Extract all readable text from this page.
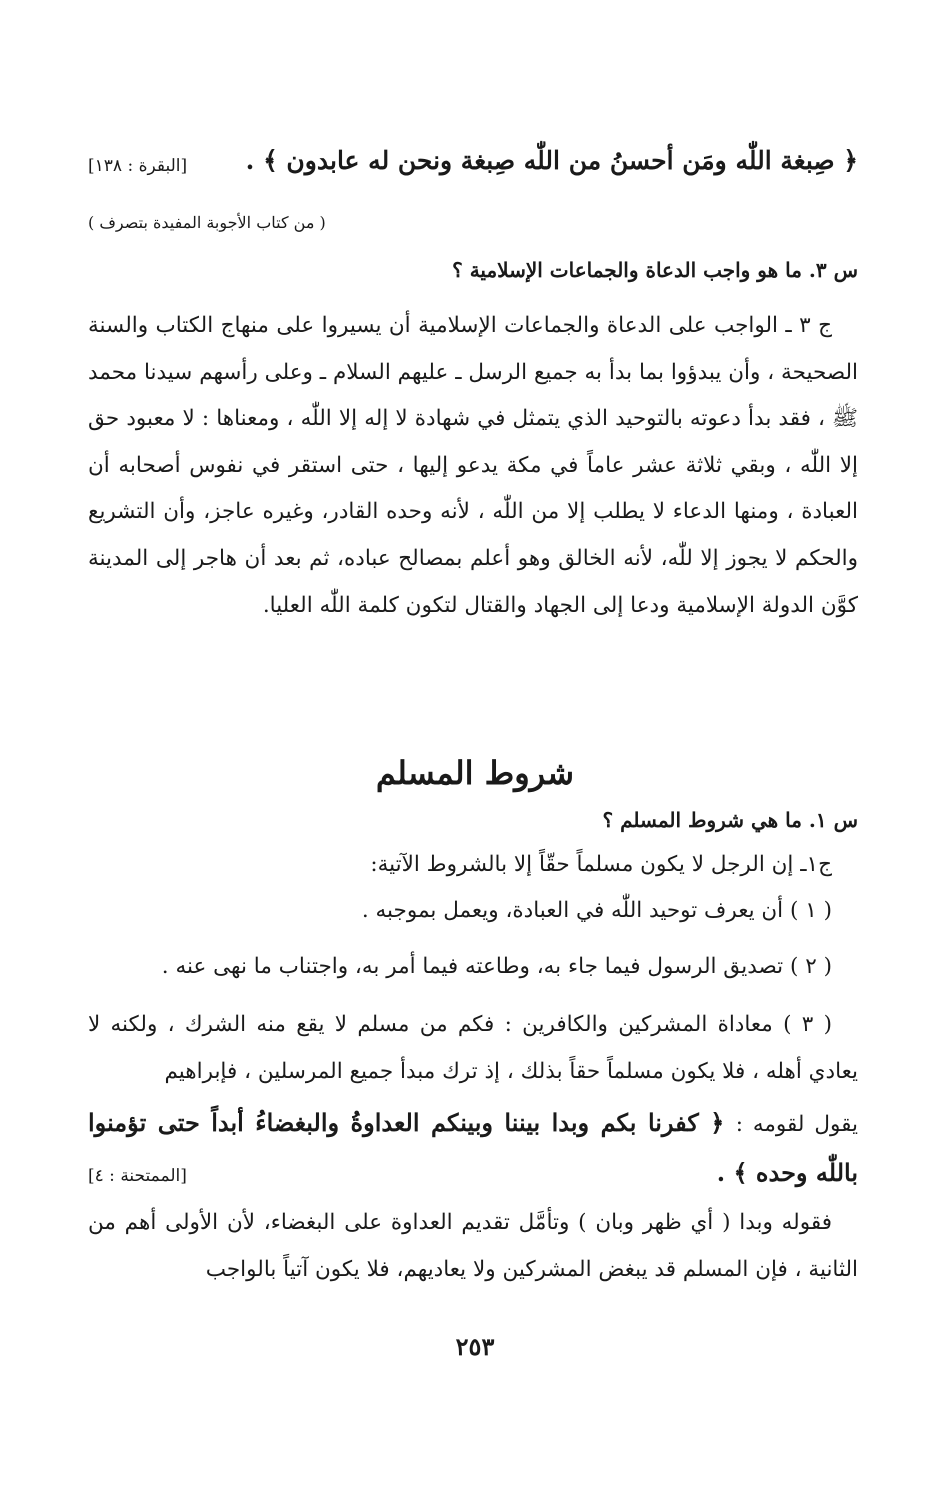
﴿ صِبغة اللّٰه ومَن أحسنُ من اللّٰه صِبغة ونحن له عابدون ﴾ .
[البقرة : ١٣٨]
( من كتاب الأجوبة المفيدة بتصرف )
س ٣. ما هو واجب الدعاة والجماعات الإسلامية ؟
ج ٣ ـ الواجب على الدعاة والجماعات الإسلامية أن يسيروا على منهاج الكتاب والسنة الصحيحة ، وأن يبدؤوا بما بدأ به جميع الرسل ـ عليهم السلام ـ وعلى رأسهم سيدنا محمد ﷺ ، فقد بدأ دعوته بالتوحيد الذي يتمثل في شهادة لا إله إلا اللّٰه ، ومعناها : لا معبود حق إلا اللّٰه ، وبقي ثلاثة عشر عاماً في مكة يدعو إليها ، حتى استقر في نفوس أصحابه أن العبادة ، ومنها الدعاء لا يطلب إلا من اللّٰه ، لأنه وحده القادر، وغيره عاجز، وأن التشريع والحكم لا يجوز إلا للّٰه، لأنه الخالق وهو أعلم بمصالح عباده، ثم بعد أن هاجر إلى المدينة كوَّن الدولة الإسلامية ودعا إلى الجهاد والقتال لتكون كلمة اللّٰه العليا.
شروط المسلم
س ١. ما هي شروط المسلم ؟
ج١ـ إن الرجل لا يكون مسلماً حقّاً إلا بالشروط الآتية:
( ١ ) أن يعرف توحيد اللّٰه في العبادة، ويعمل بموجبه .
( ٢ ) تصديق الرسول فيما جاء به، وطاعته فيما أمر به، واجتناب ما نهى عنه .
( ٣ ) معاداة المشركين والكافرين : فكم من مسلم لا يقع منه الشرك ، ولكنه لا يعادي أهله ، فلا يكون مسلماً حقاً بذلك ، إذ ترك مبدأ جميع المرسلين ، فإبراهيم
يقول لقومه : ﴿ كفرنا بكم وبدا بيننا وبينكم العداوةُ والبغضاءُ أبداً حتى تؤمنوا
باللّٰه وحده ﴾ .
[الممتحنة : ٤]
فقوله وبدا ( أي ظهر وبان ) وتأمَّل تقديم العداوة على البغضاء، لأن الأولى أهم من الثانية ، فإن المسلم قد يبغض المشركين ولا يعاديهم، فلا يكون آتياً بالواجب
٢٥٣
